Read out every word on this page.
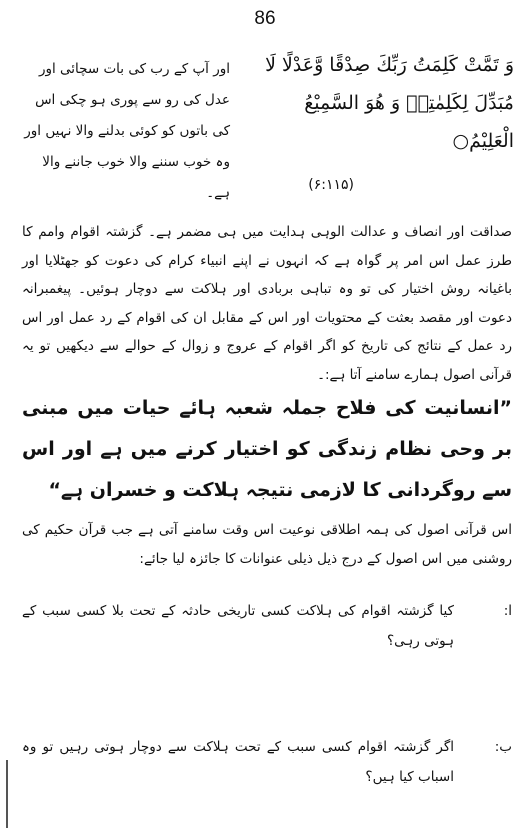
86
وَ تَمَّتْ كَلِمَتُ رَبِّكَ صِدْقًا وَّعَدْلًا لَا مُبَدِّلَ لِكَلِمٰتِهٖ وَ هُوَ السَّمِيْعُ الْعَلِيْمُ○
(۶:۱۱۵)
اور آپ کے رب کی بات سچائی اور عدل کی رو سے پوری ہو چکی اس کی باتوں کو کوئی بدلنے والا نہیں اور وہ خوب سننے والا خوب جاننے والا ہے۔
صداقت اور انصاف و عدالت الوہی ہدایت میں ہی مضمر ہے۔ گزشتہ اقوام وامم کا طرز عمل اس امر پر گواہ ہے کہ انہوں نے اپنے انبیاء کرام کی دعوت کو جھٹلایا اور باغیانہ روش اختیار کی تو وہ تباہی بربادی اور ہلاکت سے دوچار ہوئیں۔ پیغمبرانہ دعوت اور مقصد بعثت کے محتویات اور اس کے مقابل ان کی اقوام کے رد عمل اور اس رد عمل کے نتائج کی تاریخ کو اگر اقوام کے عروج و زوال کے حوالے سے دیکھیں تو یہ قرآنی اصول ہمارے سامنے آتا ہے:۔
”انسانیت کی فلاح جملہ شعبہ ہائے حیات میں مبنی بر وحی نظام زندگی کو اختیار کرنے میں ہے اور اس سے روگردانی کا لازمی نتیجہ ہلاکت و خسران ہے“
اس قرآنی اصول کی ہمہ اطلاقی نوعیت اس وقت سامنے آتی ہے جب قرآن حکیم کی روشنی میں اس اصول کے درج ذیل ذیلی عنوانات کا جائزہ لیا جائے:
ا:
کیا گزشتہ اقوام کی ہلاکت کسی تاریخی حادثہ کے تحت بلا کسی سبب کے ہوتی رہی؟
ب:
اگر گزشتہ اقوام کسی سبب کے تحت ہلاکت سے دوچار ہوتی رہیں تو وہ اسباب کیا ہیں؟
